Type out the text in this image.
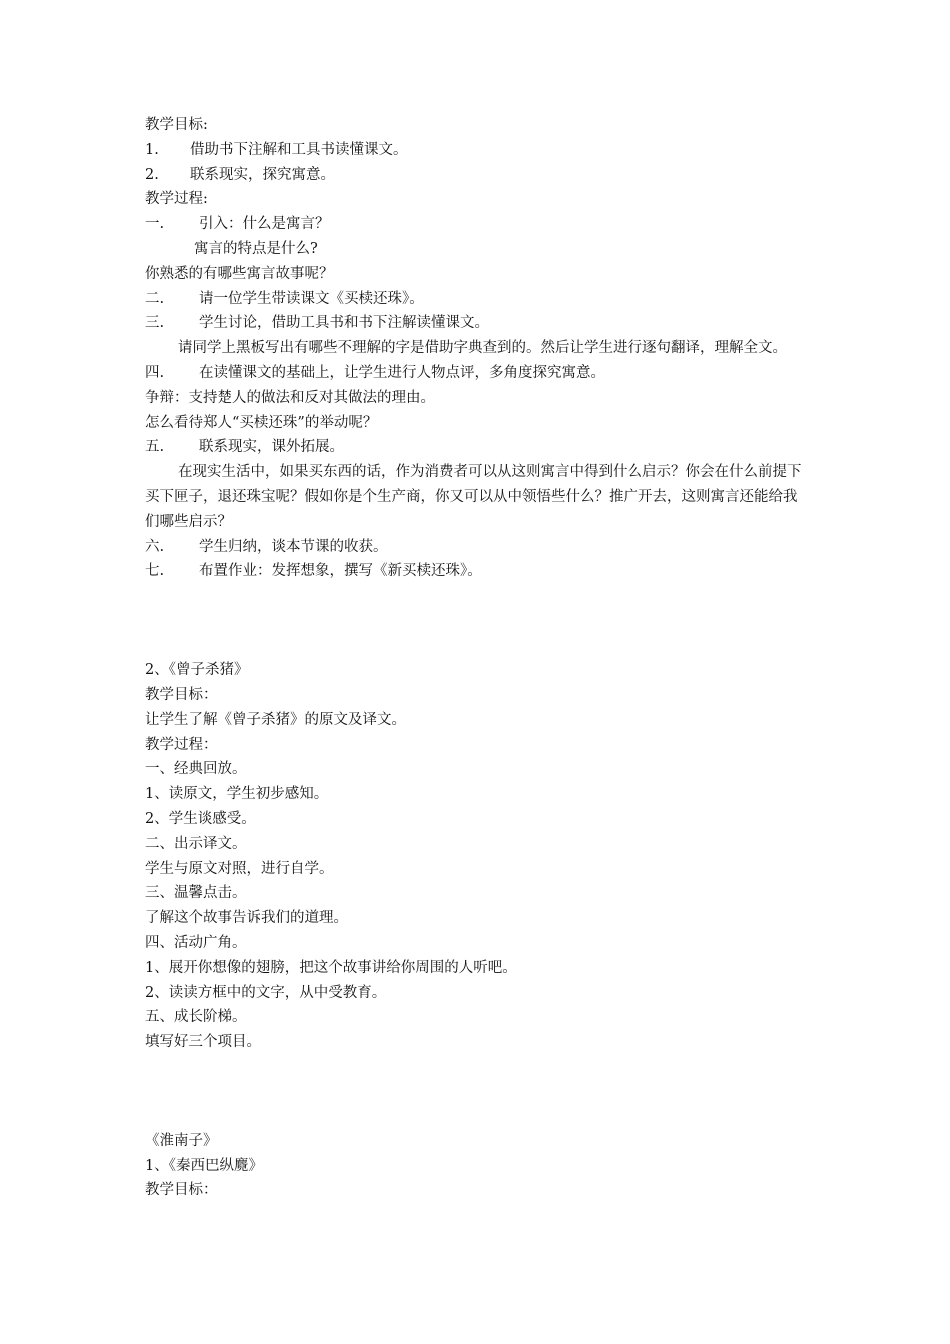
教学目标:
1. 借助书下注解和工具书读懂课文。
2. 联系现实，探究寓意。
教学过程:
一. 引入：什么是寓言？
寓言的特点是什么?
你熟悉的有哪些寓言故事呢？
二. 请一位学生带读课文《买椟还珠》。
三. 学生讨论，借助工具书和书下注解读懂课文。
请同学上黑板写出有哪些不理解的字是借助字典查到的。然后让学生进行逐句翻译，理解全文。
四. 在读懂课文的基础上，让学生进行人物点评，多角度探究寓意。
争辩：支持楚人的做法和反对其做法的理由。
怎么看待郑人“买椟还珠”的举动呢？
五. 联系现实，课外拓展。
在现实生活中，如果买东西的话，作为消费者可以从这则寓言中得到什么启示？你会在什么前提下买下匣子，退还珠宝呢？假如你是个生产商，你又可以从中领悟些什么？推广开去，这则寓言还能给我们哪些启示？
六. 学生归纳，谈本节课的收获。
七. 布置作业：发挥想象，撰写《新买椟还珠》。
2、《曾子杀猪》
教学目标：
让学生了解《曾子杀猪》的原文及译文。
教学过程：
一、经典回放。
1、读原文，学生初步感知。
2、学生谈感受。
二、出示译文。
学生与原文对照，进行自学。
三、温馨点击。
了解这个故事告诉我们的道理。
四、活动广角。
1、展开你想像的翅膀，把这个故事讲给你周围的人听吧。
2、读读方框中的文字，从中受教育。
五、成长阶梯。
填写好三个项目。
《淮南子》
1、《秦西巴纵麑》
教学目标：
